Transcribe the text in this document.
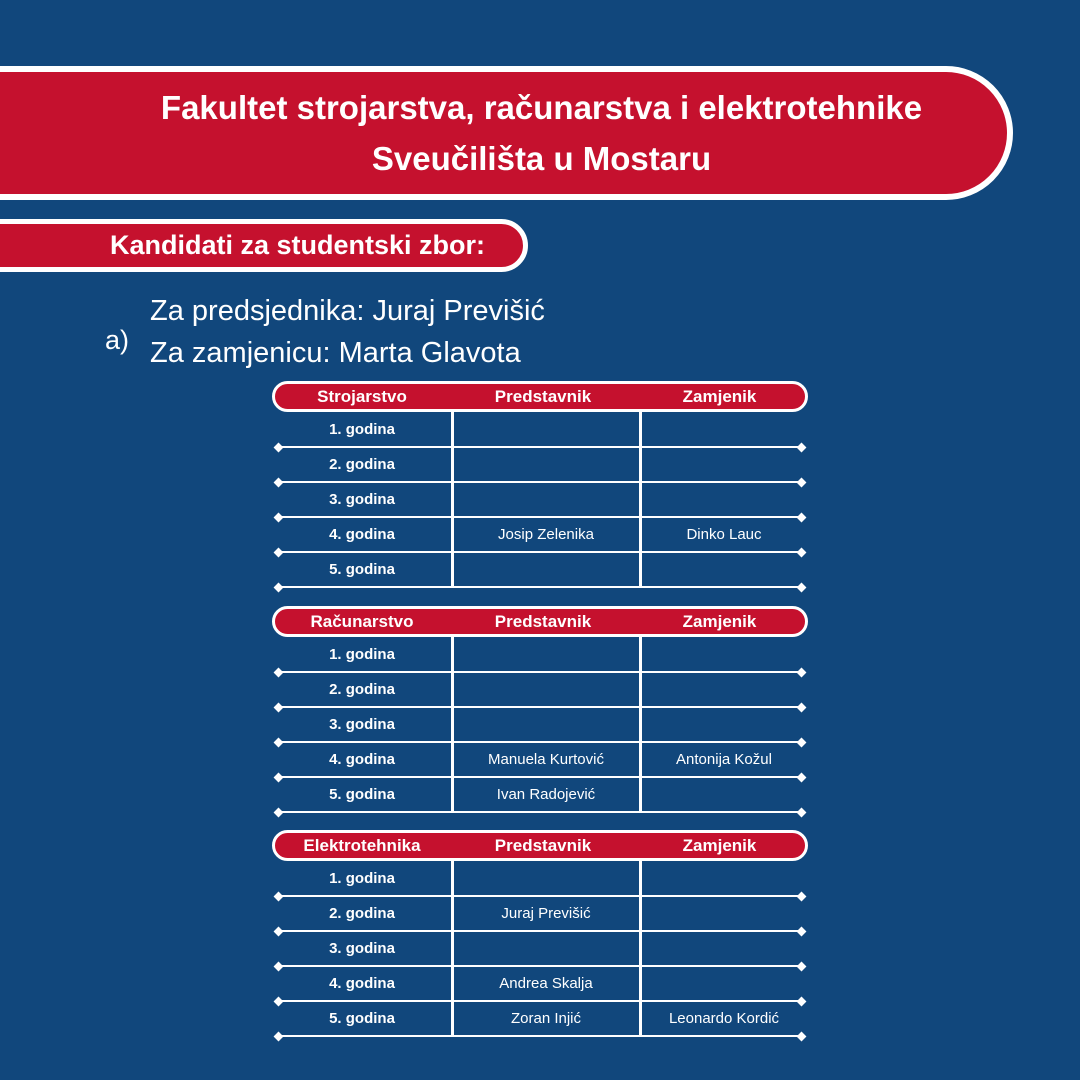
Fakultet strojarstva, računarstva i elektrotehnike
Sveučilišta u Mostaru
Kandidati za studentski zbor:
a)
Za predsjednika: Juraj Previšić
Za zamjenicu: Marta Glavota
Strojarstvo	Predstavnik	Zamjenik
1. godina
2. godina
3. godina
4. godina	Josip Zelenika	Dinko Lauc
5. godina
Računarstvo	Predstavnik	Zamjenik
1. godina
2. godina
3. godina
4. godina	Manuela Kurtović	Antonija Kožul
5. godina	Ivan Radojević
Elektrotehnika	Predstavnik	Zamjenik
1. godina
2. godina	Juraj Previšić
3. godina
4. godina	Andrea Skalja
5. godina	Zoran Injić	Leonardo Kordić
